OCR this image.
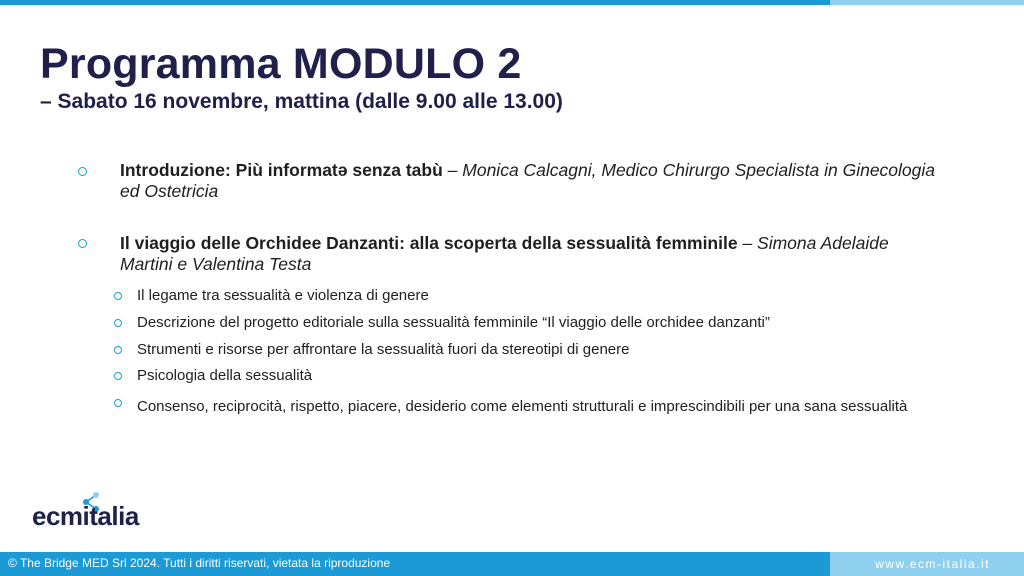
Programma MODULO 2
– Sabato 16 novembre, mattina (dalle 9.00 alle 13.00)
Introduzione: Più informatə senza tabù – Monica Calcagni, Medico Chirurgo Specialista in Ginecologia ed Ostetricia
Il viaggio delle Orchidee Danzanti: alla scoperta della sessualità femminile – Simona Adelaide Martini e Valentina Testa
Il legame tra sessualità e violenza di genere
Descrizione del progetto editoriale sulla sessualità femminile “Il viaggio delle orchidee danzanti”
Strumenti e risorse per affrontare la sessualità fuori da stereotipi di genere
Psicologia della sessualità
Consenso, reciprocità, rispetto, piacere, desiderio come elementi strutturali e imprescindibili per una sana sessualità
ecmitalia
© The Bridge MED Srl 2024. Tutti i diritti riservati, vietata la riproduzione	www.ecm-italia.it
